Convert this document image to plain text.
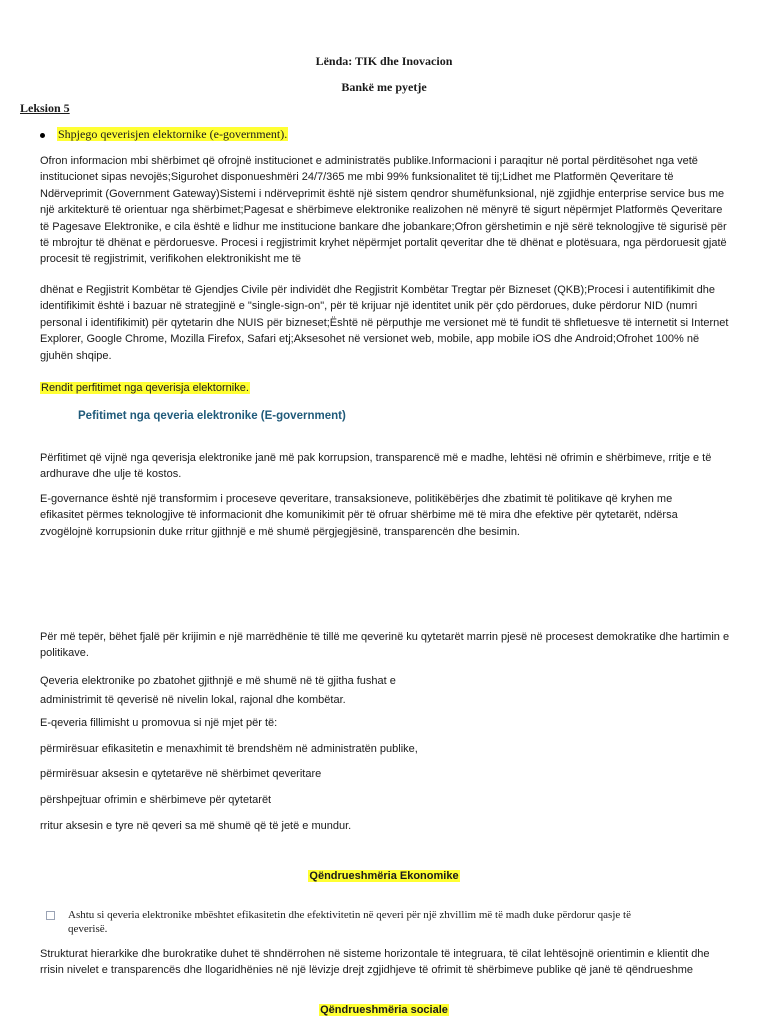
Lënda: TIK dhe Inovacion
Bankë me pyetje
Leksion 5
Shpjego qeverisjen elektornike (e-government).
Ofron informacion mbi shërbimet që ofrojnë institucionet e administratës publike.Informacioni i paraqitur në portal përditësohet nga vetë institucionet sipas nevojës;Sigurohet disponueshmëri 24/7/365 me mbi 99% funksionalitet të tij;Lidhet me Platformën Qeveritare të Ndërveprimit (Government Gateway)Sistemi i ndërveprimit është një sistem qendror shumëfunksional, një zgjidhje enterprise service bus me një arkitekturë të orientuar nga shërbimet;Pagesat e shërbimeve elektronike realizohen në mënyrë të sigurt nëpërmjet Platformës Qeveritare të Pagesave Elektronike, e cila është e lidhur me institucione bankare dhe jobankare;Ofron gërshetimin e një sërë teknologjive të sigurisë për të mbrojtur të dhënat e përdoruesve. Procesi i regjistrimit kryhet nëpërmjet portalit qeveritar dhe të dhënat e plotësuara, nga përdoruesit gjatë procesit të regjistrimit, verifikohen elektronikisht me të
dhënat e Regjistrit Kombëtar të Gjendjes Civile për individët dhe Regjistrit Kombëtar Tregtar për Bizneset (QKB);Procesi i autentifikimit dhe identifikimit është i bazuar në strategjinë e "single-sign-on", për të krijuar një identitet unik për çdo përdorues, duke përdorur NID (numri personal i identifikimit) për qytetarin dhe NUIS për bizneset;Është në përputhje me versionet më të fundit të shfletuesve të internetit si Internet Explorer, Google Chrome, Mozilla Firefox, Safari etj;Aksesohet në versionet web, mobile, app mobile iOS dhe Android;Ofrohet 100% në gjuhën shqipe.
Rendit perfitimet nga qeverisja elektornike.
Pefitimet nga qeveria elektronike (E-government)
Përfitimet që vijnë nga qeverisja elektronike janë më pak korrupsion, transparencë më e madhe, lehtësi në ofrimin e shërbimeve, rritje e të ardhurave dhe ulje të kostos.
E-governance është një transformim i proceseve qeveritare, transaksioneve, politikëbërjes dhe zbatimit të politikave që kryhen me efikasitet përmes teknologjive të informacionit dhe komunikimit për të ofruar shërbime më të mira dhe efektive për qytetarët, ndërsa zvogëlojnë korrupsionin duke rritur gjithnjë e më shumë përgjegjësinë, transparencën dhe besimin.
Për më tepër, bëhet fjalë për krijimin e një marrëdhënie të tillë me qeverinë ku qytetarët marrin pjesë në procesest demokratike dhe hartimin e politikave.
Qeveria elektronike po zbatohet gjithnjë e më shumë në të gjitha fushat e
administrimit të qeverisë në nivelin lokal, rajonal dhe kombëtar.
E-qeveria fillimisht u promovua si një mjet për të:
përmirësuar efikasitetin e menaxhimit të brendshëm në administratën publike,
përmirësuar aksesin e qytetarëve në shërbimet qeveritare
përshpejtuar ofrimin e shërbimeve për qytetarët
rritur aksesin e tyre në qeveri sa më shumë që të jetë e mundur.
Qëndrueshmëria Ekonomike
Ashtu si qeveria elektronike mbështet efikasitetin dhe efektivitetin në qeveri për një zhvillim më të madh duke përdorur qasje të qeverisë.
Strukturat hierarkike dhe burokratike duhet të shndërrohen në sisteme horizontale të integruara, të cilat lehtësojnë orientimin e klientit dhe rrisin nivelet e transparencës dhe llogaridhënies në një lëvizje drejt zgjidhjeve të ofrimit të shërbimeve publike që janë të qëndrueshme
Qëndrueshmëria sociale
